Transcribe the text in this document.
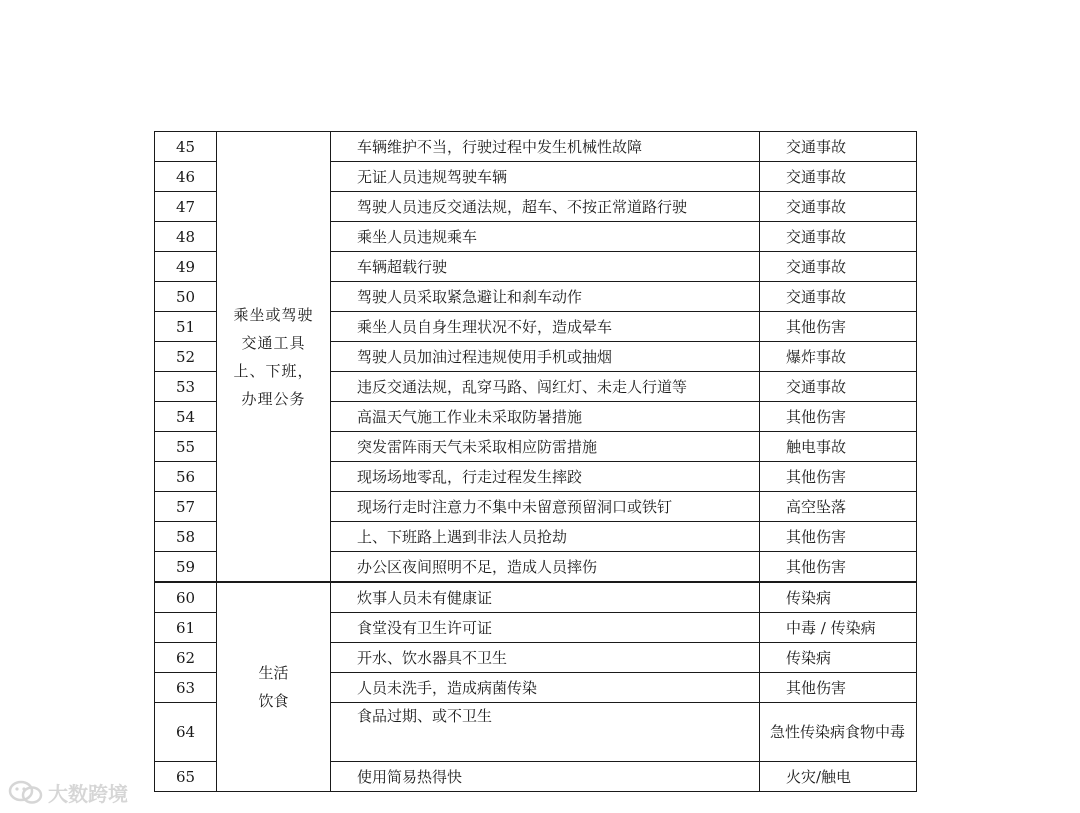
45	乘坐或驾驶交通工具上、下班，办理公务	车辆维护不当，行驶过程中发生机械性故障	交通事故
46		无证人员违规驾驶车辆	交通事故
47		驾驶人员违反交通法规，超车、不按正常道路行驶	交通事故
48		乘坐人员违规乘车	交通事故
49		车辆超载行驶	交通事故
50		驾驶人员采取紧急避让和刹车动作	交通事故
51		乘坐人员自身生理状况不好，造成晕车	其他伤害
52		驾驶人员加油过程违规使用手机或抽烟	爆炸事故
53		违反交通法规，乱穿马路、闯红灯、未走人行道等	交通事故
54		高温天气施工作业未采取防暑措施	其他伤害
55		突发雷阵雨天气未采取相应防雷措施	触电事故
56		现场场地零乱，行走过程发生摔跤	其他伤害
57		现场行走时注意力不集中未留意预留洞口或铁钉	高空坠落
58		上、下班路上遇到非法人员抢劫	其他伤害
59		办公区夜间照明不足，造成人员摔伤	其他伤害
60	生活饮食	炊事人员未有健康证	传染病
61		食堂没有卫生许可证	中毒 / 传染病
62		开水、饮水器具不卫生	传染病
63		人员未洗手，造成病菌传染	其他伤害
64		食品过期、或不卫生	急性传染病食物中毒
65		使用简易热得快	火灾/触电
大数跨境
